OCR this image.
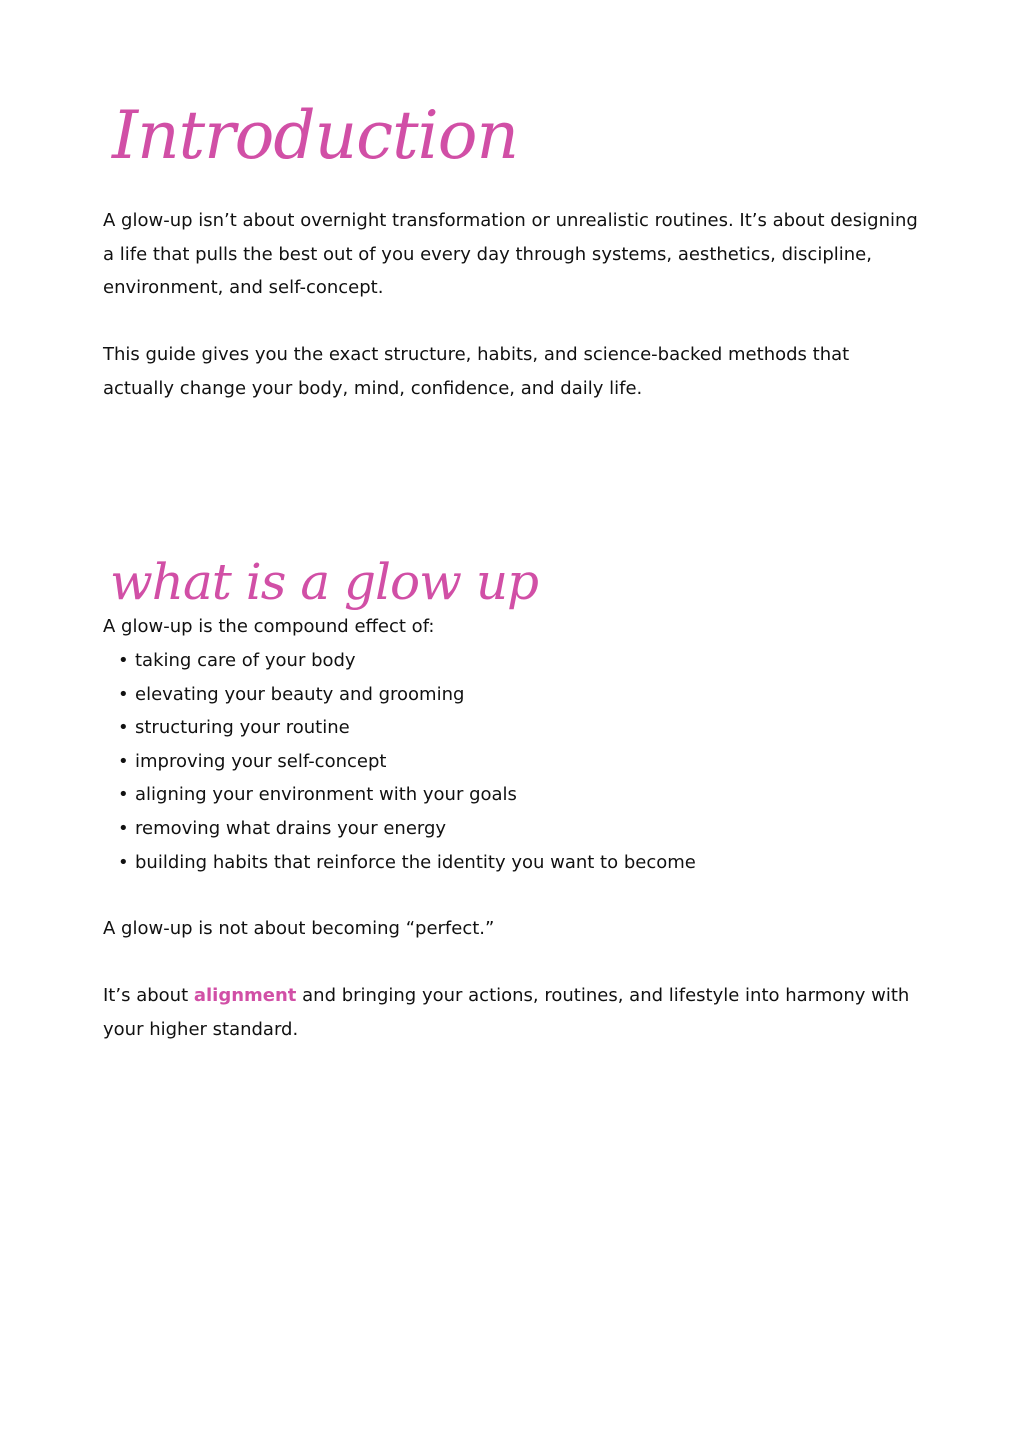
Introduction

A glow-up isn’t about overnight transformation or unrealistic routines. It’s about designing a life that pulls the best out of you every day through systems, aesthetics, discipline, environment, and self-concept.

This guide gives you the exact structure, habits, and science-backed methods that actually change your body, mind, confidence, and daily life.

what is a glow up

A glow-up is the compound effect of:

• taking care of your body
• elevating your beauty and grooming
• structuring your routine
• improving your self-concept
• aligning your environment with your goals
• removing what drains your energy
• building habits that reinforce the identity you want to become

A glow-up is not about becoming “perfect.”

It’s about alignment and bringing your actions, routines, and lifestyle into harmony with your higher standard.
